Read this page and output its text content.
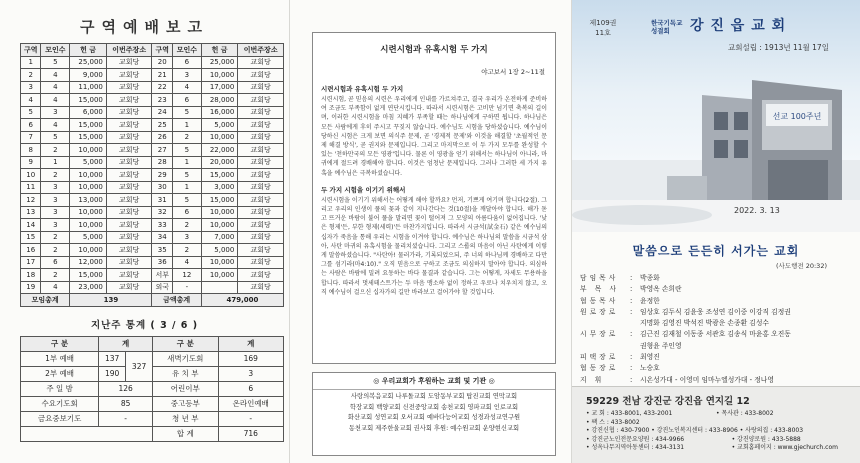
구역예배보고
구역	모인수	헌 금	이번주장소	구역	모인수	헌 금	이번주장소
1	5	25,000	교회당	20	6	25,000	교회당
2	4	9,000	교회당	21	3	10,000	교회당
3	4	11,000	교회당	22	4	17,000	교회당
4	4	15,000	교회당	23	6	28,000	교회당
5	3	6,000	교회당	24	5	16,000	교회당
6	4	15,000	교회당	25	1	5,000	교회당
7	5	15,000	교회당	26	2	10,000	교회당
8	2	10,000	교회당	27	5	22,000	교회당
9	1	5,000	교회당	28	1	20,000	교회당
10	2	10,000	교회당	29	5	15,000	교회당
11	3	10,000	교회당	30	1	3,000	교회당
12	3	13,000	교회당	31	5	15,000	교회당
13	3	10,000	교회당	32	6	10,000	교회당
14	3	10,000	교회당	33	2	10,000	교회당
15	2	5,000	교회당	34	3	7,000	교회당
16	2	10,000	교회당	35	2	5,000	교회당
17	6	12,000	교회당	36	4	10,000	교회당
18	2	15,000	교회당	서부	12	10,000	교회당
19	4	23,000	교회당	외국	-		교회당
모임총계		139		금액총계		479,000	
지난주 통계 ( 3 / 6 )
구 분	계		구 분	계
1부 예배	137	327	새벽기도회	169
2부 예배	190		유 치 부	3
주 일 밤	126		어린이부	6
수요기도회	85		중고등부	온라인예배
금요중보기도	-		청 년 부	-
			합 계	716
시련시험과 유혹시험 두 가지
야고보서 1장 2~11절
시련시험과 유혹시험 두 가지
시련시험, 곧 믿음의 시련은 우리에게 인내를 가르쳐주고, 결국 우리가 온전하게 준비하여 조금도 부족함이 없게 연단시킵니다. 따라서 시련시험은 고비만 넘기면 축복의 길이며, 이러한 시련시험을 마침 지혜가 부족할 때는 하나님에게 구하면 됩니다. 하나님은 모든 사람에게 후히 주시고 꾸짖지 않습니다. 예수님도 시험을 당하셨습니다. 예수님이 당하신 시험은 크게 보면 의식주 문제, 곧 '경제적 문제'와 이것을 해결할 '초월적인 문제 해결 방식', 곧 권지와 문제입니다. 그리고 마지막으로 이 두 가지 모두를 완성할 수 있는 '천하만국의 모든 영광'입니다. 물론 이 영광을 얻기 위해서는 하나님이 아니라, 마귀에게 절드려 경배해야 합니다. 이것은 엄청난 문제입니다. 그러나 그러한 세 가지 유혹을 예수님은 극복하셨습니다.
두 가지 시험을 이기기 위해서
시련시험을 이기기 위해서는 어떻게 해야 할까요? 먼저, 기쁘게 여기며 합니다(2절). 그리고 우리의 인생이 풀의 꽃과 같이 지나간다는 것(10절)을 깨달아야 합니다. 해가 돋고 뜨거운 바람이 불어 풀을 말리면 꽃이 떨어져 그 모양의 아름다움이 없어집니다. '낮은 형제'든, 부한 형제(세력)'든 마찬가지입니다. 따라서 시금석(試金石) 같은 예수님의 십자가 죽음을 통해 우리는 시험을 이겨야 합니다. 예수님은 하나님의 말씀을 시금석 삼아, 사탄 마귀의 유혹시험을 물리치셨습니다. 그리고 스룹의 마음이 아닌 사탄에게 이렇게 말씀하셨습니다. "사탄아! 물러가라, 기록되었으되, 주 너의 하나님께 경배하고 다만 그를 섬기라(마4:10)." 오직 믿음으로 구하고 조금도 의심하지 말아야 합니다. 의심하는 사람은 바람에 밀려 요동하는 바다 물결과 같습니다. 그는 어떻게, 자세도 무용하을 합니다. 따라서 멋세테스트가는 두 마음 맹소하 없이 정하고 우로나 치우치지 않고, 오직 예수님이 걸으신 십자가의 길만 바라보고 걸어가야 할 것입니다.
◎ 우리교회가 후원하는 교회 및 기관 ◎
사랑의복음교회 나루돌교회 도암동부교회 탑진교회 연막교회
학장교회 백양교회 신전중앙교회 송천교회 영파교회 인로교회
화산교회 성연교회 오서교회 예바다능어교회 성경과성교연구원
동천교회 제주한울교회 권사회 후원: 예수원교회 운양현신교회
선교 100주년
제109권
11호
한국기독교 성결회	강 진 읍 교 회
교회설립 : 1913년 11월 17일
2022. 3. 13
말씀으로 든든히 서가는 교회
(사도행전 20:32)
담임목사	:	박종화
부 목 사	:	박영옥 손희란
협동목사	:	윤정한
원로장로	:	임상호 김두식 김윤웅 조성연 김이중 이강직 김정권
지명화 김영진 박석진 박광운 손종환 김성수
시무장로	:	김근진 김재철 이동종 서관호 김송식 마윤홍 오진동
권형윤 주인영
피택장로	:	최영진
협동장로	:	노승호
지 휘	:	시온성가대 - 이영미 임마누엘성가대 - 정나영
59229 전남 강진군 강진읍 연지길 12
• 교 회 : 433-8001, 433-2001	• 목사관 : 433-8002
• 팩 스 : 433-8002
• 강진신협 : 430-7900 • 강진노인복지센터 : 433-8906 • 사랑의집 : 433-8003
• 강진군노인전문요양원 : 434-9966	• 강진양로원 : 433-5888
• 성옥나무지역아동센터 : 434-3131	• 교회홈페이지 : www.gjechurch.com
